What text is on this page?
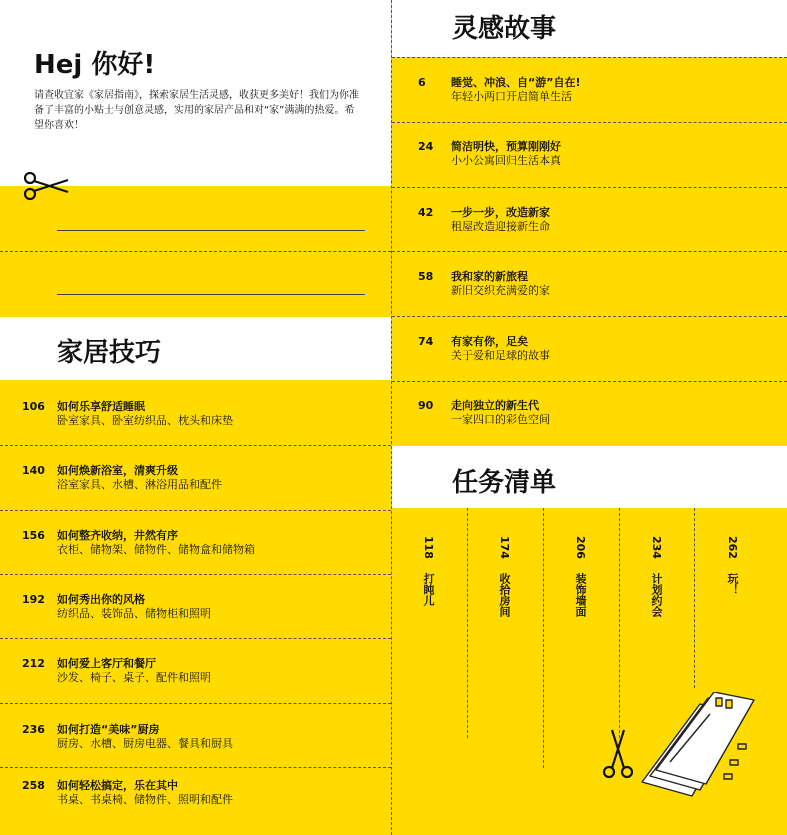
Hej 你好!
请查收宜家《家居指南》，探索家居生活灵感，收获更多美好！我们为你准备了丰富的小贴士与创意灵感，实用的家居产品和对“家”满满的热爱。希望你喜欢！
家居技巧
106 如何乐享舒适睡眠
卧室家具、卧室纺织品、枕头和床垫
140 如何焕新浴室，清爽升级
浴室家具、水槽、淋浴用品和配件
156 如何整齐收纳，井然有序
衣柜、储物架、储物件、储物盒和储物箱
192 如何秀出你的风格
纺织品、装饰品、储物柜和照明
212 如何爱上客厅和餐厅
沙发、椅子、桌子、配件和照明
236 如何打造“美味”厨房
厨房、水槽、厨房电器、餐具和厨具
258 如何轻松搞定，乐在其中
书桌、书桌椅、储物件、照明和配件
灵感故事
6 睡觉、冲浪、自“游”自在!
年轻小两口开启简单生活
24 简洁明快，预算刚刚好
小小公寓回归生活本真
42 一步一步，改造新家
租屋改造迎接新生命
58 我和家的新旅程
新旧交织充满爱的家
74 有家有你，足矣
关于爱和足球的故事
90 走向独立的新生代
一家四口的彩色空间
任务清单
118打盹儿
174收拾房间
206装饰墙面
234计划约会
262玩！
